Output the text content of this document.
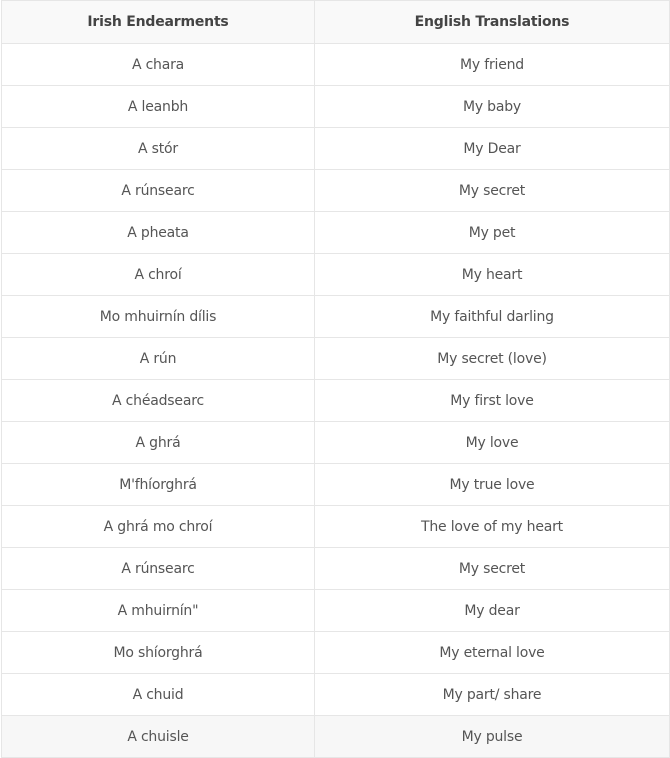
Irish Endearments	English Translations
A chara	My friend
A leanbh	My baby
A stór	My Dear
A rúnsearc	My secret
A pheata	My pet
A chroí	My heart
Mo mhuirnín dílis	My faithful darling
A rún	My secret (love)
A chéadsearc	My first love
A ghrá	My love
M'fhíorghrá	My true love
A ghrá mo chroí	The love of my heart
A rúnsearc	My secret
A mhuirnín"	My dear
Mo shíorghrá	My eternal love
A chuid	My part/ share
A chuisle	My pulse
